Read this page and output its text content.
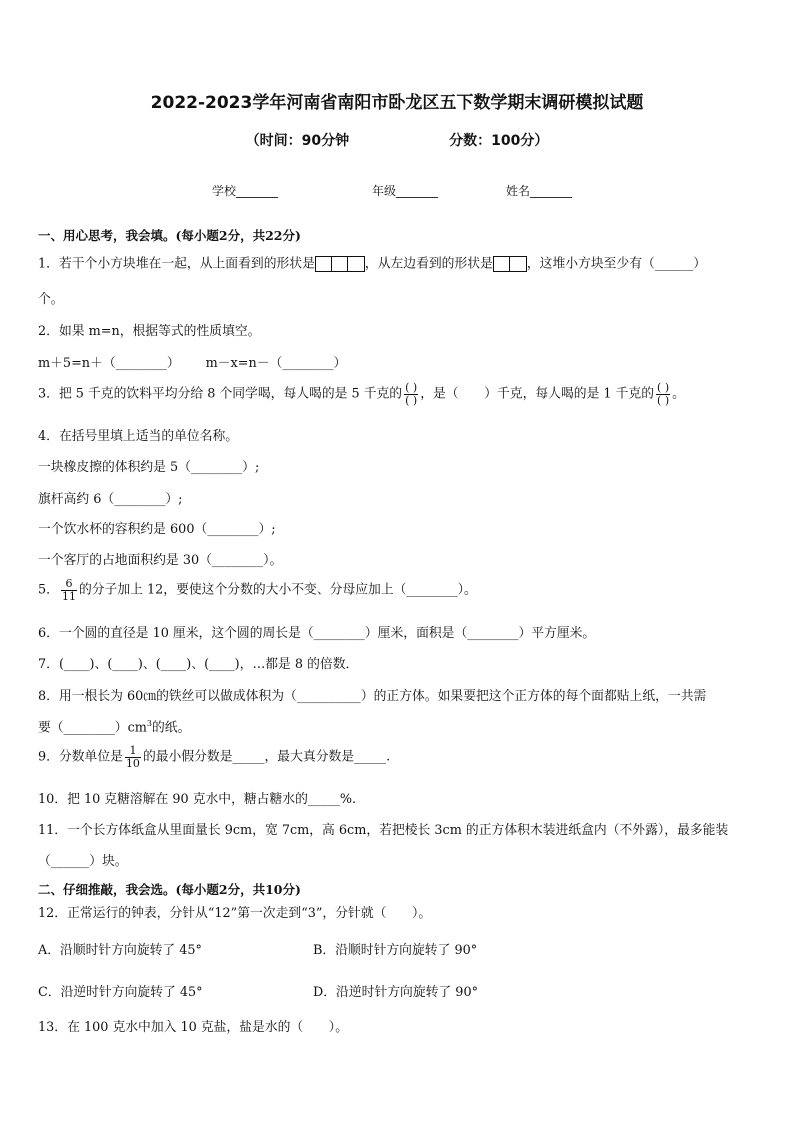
2022-2023学年河南省南阳市卧龙区五下数学期末调研模拟试题
（时间：90分钟	分数：100分）
学校_______	年级_______	姓名_______
一、用心思考，我会填。(每小题2分，共22分)
1．若干个小方块堆在一起，从上面看到的形状是	，从左边看到的形状是	，这堆小方块至少有（______）
个。
2．如果 m=n，根据等式的性质填空。
m＋5=n＋（________） m－x=n－（________）
3．把 5 千克的饮料平均分给 8 个同学喝，每人喝的是 5 千克的 $\frac{( )}{( )}$ ，是（　　）千克，每人喝的是 1 千克的 $\frac{( )}{( )}$ 。
4．在括号里填上适当的单位名称。
一块橡皮擦的体积约是 5（________）;
旗杆高约 6（________）;
一个饮水杯的容积约是 600（________）;
一个客厅的占地面积约是 30（________）。
5． $\frac{6}{11}$ 的分子加上 12，要使这个分数的大小不变、分母应加上（________）。
6．一个圆的直径是 10 厘米，这个圆的周长是（________）厘米，面积是（________）平方厘米。
7．(____)、(____)、(____)、(____)，…都是 8 的倍数．
8．用一根长为 60㎝的铁丝可以做成体积为（__________）的正方体。如果要把这个正方体的每个面都贴上纸，一共需
要$(\_\_\_\_\_\_\_\_)cm^3$的纸。
9．分数单位是 $\frac{1}{10}$ 的最小假分数是_____，最大真分数是_____.
10．把 10 克糖溶解在 90 克水中，糖占糖水的_____%.
11．一个长方体纸盒从里面量长 9cm，宽 7cm，高 6cm，若把棱长 3cm 的正方体积木装进纸盒内（不外露），最多能装
（______）块。
二、仔细推敲，我会选。(每小题2分，共10分)
12．正常运行的钟表，分针从“12”第一次走到“3”，分针就（　　）。
A．沿顺时针方向旋转了 45°	B．沿顺时针方向旋转了 90°
C．沿逆时针方向旋转了 45°	D．沿逆时针方向旋转了 90°
13．在 100 克水中加入 10 克盐，盐是水的（　　）。
